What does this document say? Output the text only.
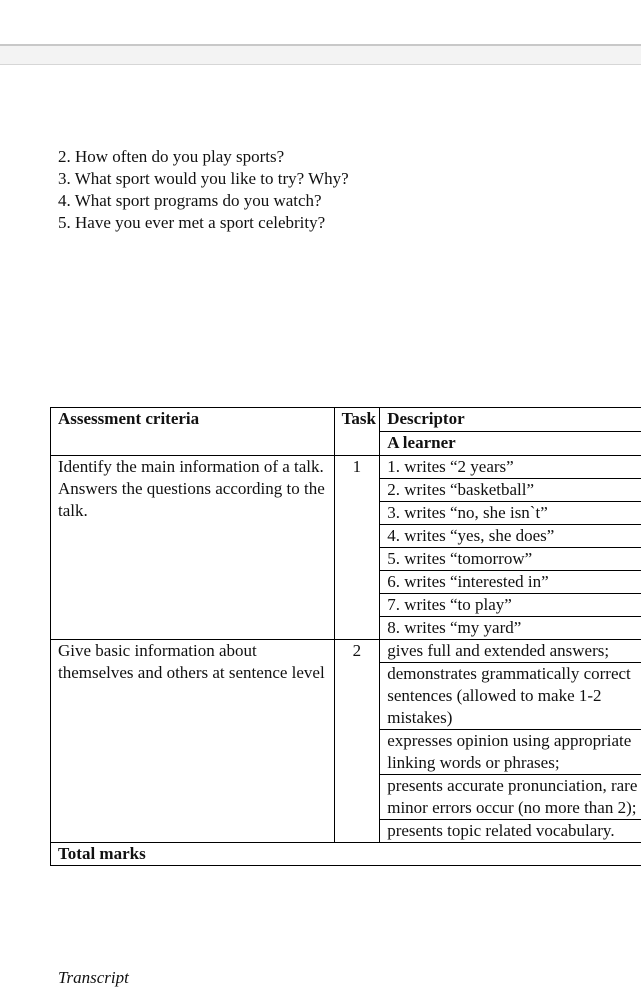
2. How often do you play sports?
3. What sport would you like to try? Why?
4. What sport programs do you watch?
5. Have you ever met a sport celebrity?
Assessment criteria	Task	Descriptor
		A learner
Identify the main information of a talk.
Answers the questions according to the talk.	1	1. writes “2 years”
		2. writes “basketball”
		3. writes “no, she isn`t”
		4. writes “yes, she does”
		5. writes “tomorrow”
		6. writes “interested in”
		7. writes “to play”
		8. writes “my yard”
Give basic information about themselves and others at sentence level	2	gives full and extended answers;
		demonstrates grammatically correct sentences (allowed to make 1-2 mistakes)
		expresses opinion using appropriate linking words or phrases;
		presents accurate pronunciation, rare minor errors occur (no more than 2);
		presents topic related vocabulary.
Total marks		
Transcript
